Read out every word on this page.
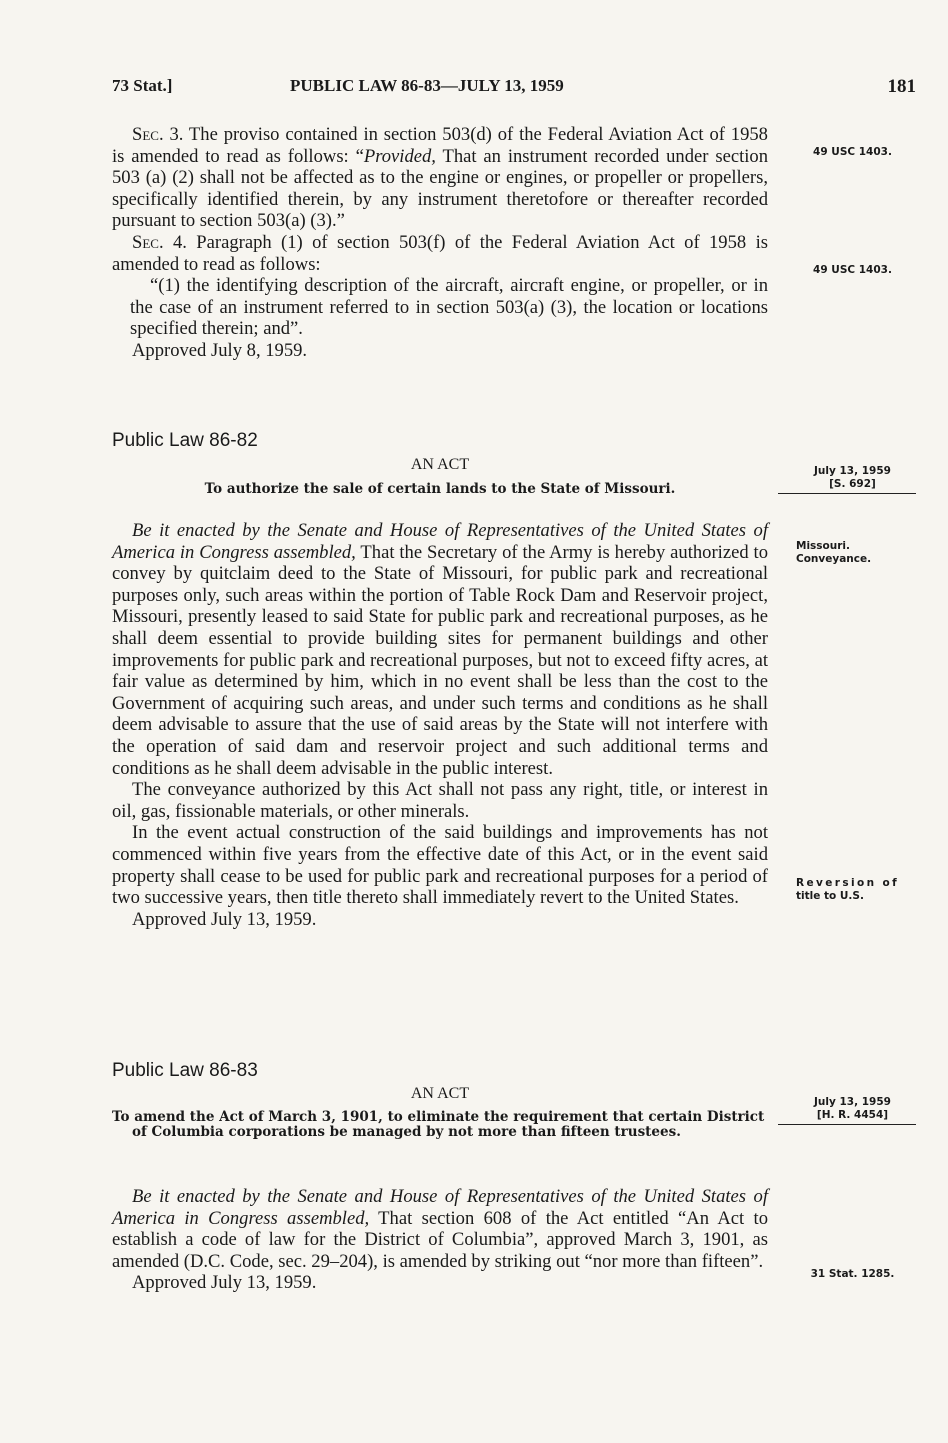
73 Stat.]	PUBLIC LAW 86-83—JULY 13, 1959	181

Sec. 3. The proviso contained in section 503(d) of the Federal Aviation Act of 1958 is amended to read as follows: “Provided, That an instrument recorded under section 503 (a) (2) shall not be affected as to the engine or engines, or propeller or propellers, specifically identified therein, by any instrument theretofore or thereafter recorded pursuant to section 503(a) (3).”

Sec. 4. Paragraph (1) of section 503(f) of the Federal Aviation Act of 1958 is amended to read as follows:

“(1) the identifying description of the aircraft, aircraft engine, or propeller, or in the case of an instrument referred to in section 503(a) (3), the location or locations specified therein; and”.

Approved July 8, 1959.

49 USC 1403.
49 USC 1403.
Public Law 86-82
AN ACT
To authorize the sale of certain lands to the State of Missouri.
July 13, 1959
[S. 692]

Be it enacted by the Senate and House of Representatives of the United States of America in Congress assembled, That the Secretary of the Army is hereby authorized to convey by quitclaim deed to the State of Missouri, for public park and recreational purposes only, such areas within the portion of Table Rock Dam and Reservoir project, Missouri, presently leased to said State for public park and recreational purposes, as he shall deem essential to provide building sites for permanent buildings and other improvements for public park and recreational purposes, but not to exceed fifty acres, at fair value as determined by him, which in no event shall be less than the cost to the Government of acquiring such areas, and under such terms and conditions as he shall deem advisable to assure that the use of said areas by the State will not interfere with the operation of said dam and reservoir project and such additional terms and conditions as he shall deem advisable in the public interest.

The conveyance authorized by this Act shall not pass any right, title, or interest in oil, gas, fissionable materials, or other minerals.

In the event actual construction of the said buildings and improvements has not commenced within five years from the effective date of this Act, or in the event said property shall cease to be used for public park and recreational purposes for a period of two successive years, then title thereto shall immediately revert to the United States.

Approved July 13, 1959.

Missouri.
Conveyance.
Reversion of
title to U.S.
Public Law 86-83
AN ACT
To amend the Act of March 3, 1901, to eliminate the requirement that certain District of Columbia corporations be managed by not more than fifteen trustees.
July 13, 1959
[H. R. 4454]

Be it enacted by the Senate and House of Representatives of the United States of America in Congress assembled, That section 608 of the Act entitled “An Act to establish a code of law for the District of Columbia”, approved March 3, 1901, as amended (D.C. Code, sec. 29–204), is amended by striking out “nor more than fifteen”.

Approved July 13, 1959.	31 Stat. 1285.
